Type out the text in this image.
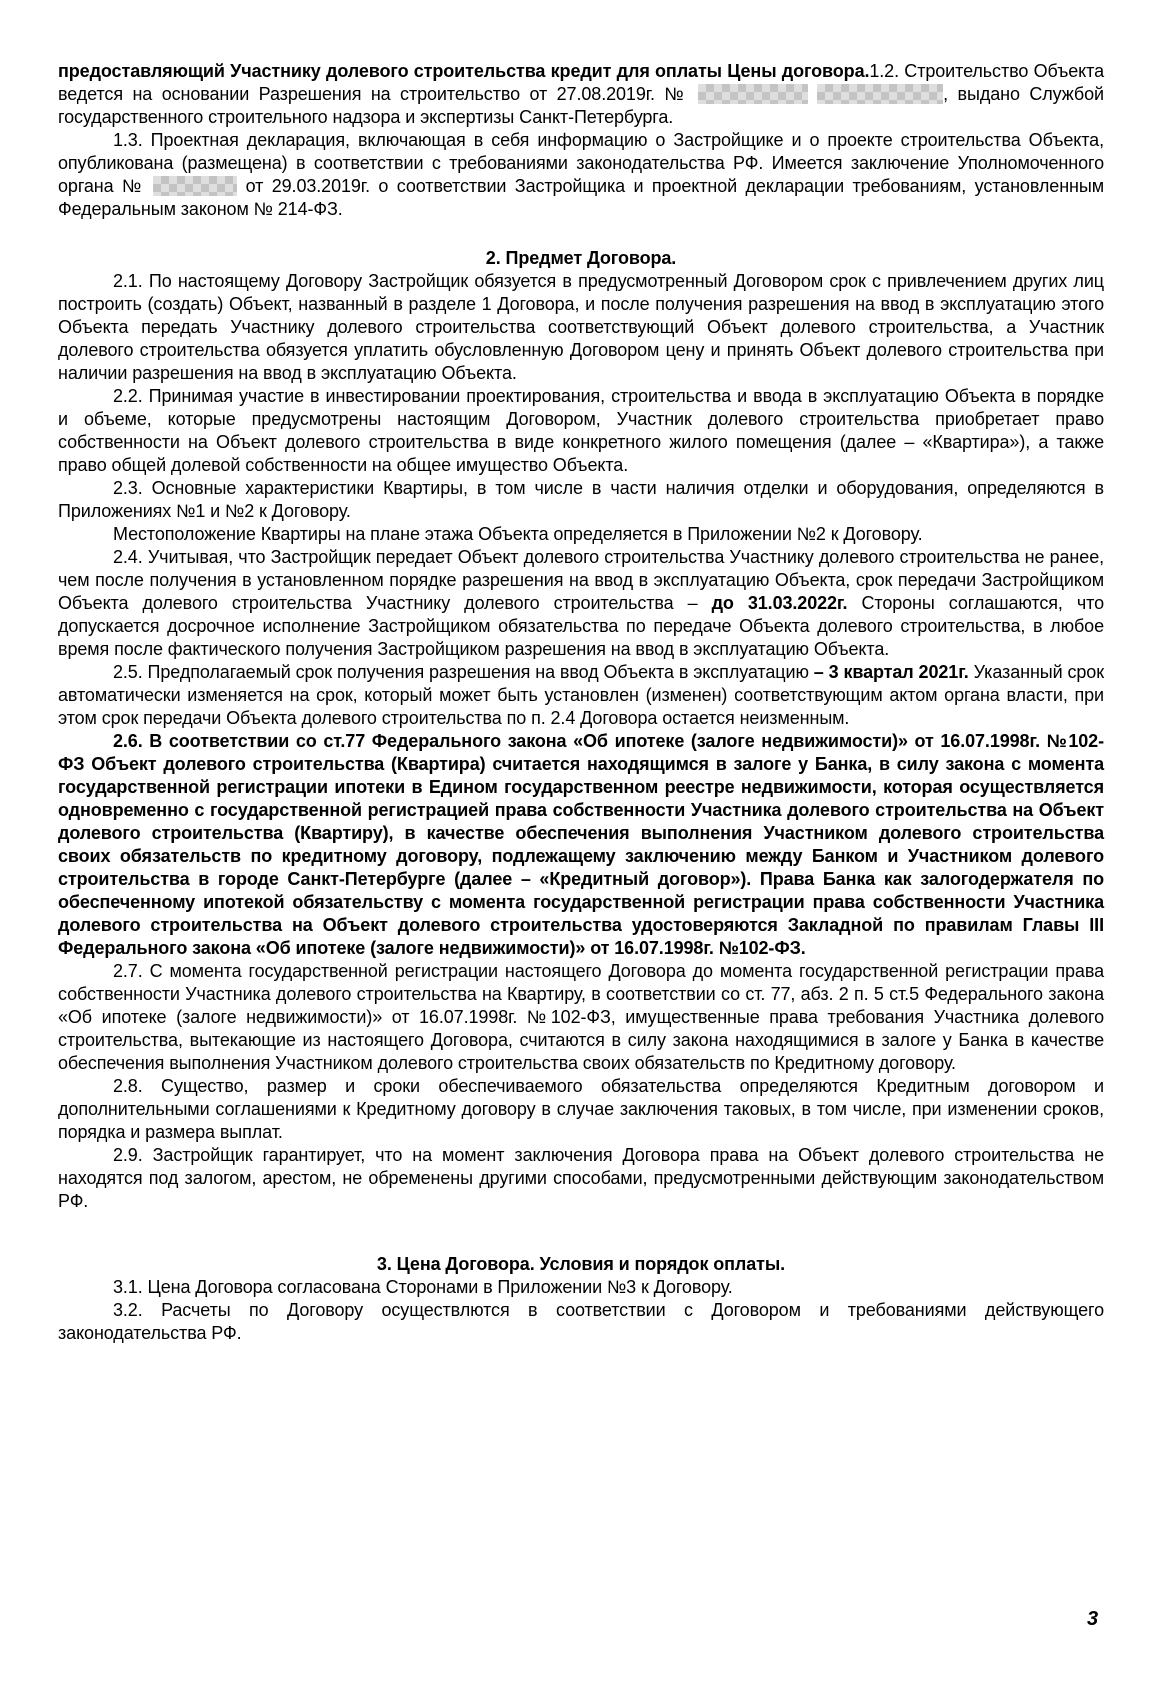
предоставляющий Участнику долевого строительства кредит для оплаты Цены договора.1.2. Строительство Объекта ведется на основании Разрешения на строительство от 27.08.2019г. №	, выдано Службой государственного строительного надзора и экспертизы Санкт-Петербурга.
1.3. Проектная декларация, включающая в себя информацию о Застройщике и о проекте строительства Объекта, опубликована (размещена) в соответствии с требованиями законодательства РФ. Имеется заключение Уполномоченного органа №	от 29.03.2019г. о соответствии Застройщика и проектной декларации требованиям, установленным Федеральным законом № 214-ФЗ.
2. Предмет Договора.
2.1. По настоящему Договору Застройщик обязуется в предусмотренный Договором срок с привлечением других лиц построить (создать) Объект, названный в разделе 1 Договора, и после получения разрешения на ввод в эксплуатацию этого Объекта передать Участнику долевого строительства соответствующий Объект долевого строительства, а Участник долевого строительства обязуется уплатить обусловленную Договором цену и принять Объект долевого строительства при наличии разрешения на ввод в эксплуатацию Объекта.
2.2. Принимая участие в инвестировании проектирования, строительства и ввода в эксплуатацию Объекта в порядке и объеме, которые предусмотрены настоящим Договором, Участник долевого строительства приобретает право собственности на Объект долевого строительства в виде конкретного жилого помещения (далее – «Квартира»), а также право общей долевой собственности на общее имущество Объекта.
2.3. Основные характеристики Квартиры, в том числе в части наличия отделки и оборудования, определяются в Приложениях №1 и №2 к Договору.
Местоположение Квартиры на плане этажа Объекта определяется в Приложении №2 к Договору.
2.4. Учитывая, что Застройщик передает Объект долевого строительства Участнику долевого строительства не ранее, чем после получения в установленном порядке разрешения на ввод в эксплуатацию Объекта, срок передачи Застройщиком Объекта долевого строительства Участнику долевого строительства – до 31.03.2022г. Стороны соглашаются, что допускается досрочное исполнение Застройщиком обязательства по передаче Объекта долевого строительства, в любое время после фактического получения Застройщиком разрешения на ввод в эксплуатацию Объекта.
2.5. Предполагаемый срок получения разрешения на ввод Объекта в эксплуатацию – 3 квартал 2021г. Указанный срок автоматически изменяется на срок, который может быть установлен (изменен) соответствующим актом органа власти, при этом срок передачи Объекта долевого строительства по п. 2.4 Договора остается неизменным.
2.6. В соответствии со ст.77 Федерального закона «Об ипотеке (залоге недвижимости)» от 16.07.1998г. №102-ФЗ Объект долевого строительства (Квартира) считается находящимся в залоге у Банка, в силу закона с момента государственной регистрации ипотеки в Едином государственном реестре недвижимости, которая осуществляется одновременно с государственной регистрацией права собственности Участника долевого строительства на Объект долевого строительства (Квартиру), в качестве обеспечения выполнения Участником долевого строительства своих обязательств по кредитному договору, подлежащему заключению между Банком и Участником долевого строительства в городе Санкт-Петербурге (далее – «Кредитный договор»). Права Банка как залогодержателя по обеспеченному ипотекой обязательству с момента государственной регистрации права собственности Участника долевого строительства на Объект долевого строительства удостоверяются Закладной по правилам Главы III Федерального закона «Об ипотеке (залоге недвижимости)» от 16.07.1998г. №102-ФЗ.
2.7. С момента государственной регистрации настоящего Договора до момента государственной регистрации права собственности Участника долевого строительства на Квартиру, в соответствии со ст. 77, абз. 2 п. 5 ст.5 Федерального закона «Об ипотеке (залоге недвижимости)» от 16.07.1998г. №102-ФЗ, имущественные права требования Участника долевого строительства, вытекающие из настоящего Договора, считаются в силу закона находящимися в залоге у Банка в качестве обеспечения выполнения Участником долевого строительства своих обязательств по Кредитному договору.
2.8. Существо, размер и сроки обеспечиваемого обязательства определяются Кредитным договором и дополнительными соглашениями к Кредитному договору в случае заключения таковых, в том числе, при изменении сроков, порядка и размера выплат.
2.9. Застройщик гарантирует, что на момент заключения Договора права на Объект долевого строительства не находятся под залогом, арестом, не обременены другими способами, предусмотренными действующим законодательством РФ.
3. Цена Договора. Условия и порядок оплаты.
3.1. Цена Договора согласована Сторонами в Приложении №3 к Договору.
3.2. Расчеты по Договору осуществлются в соответствии с Договором и требованиями действующего законодательства РФ.
3
